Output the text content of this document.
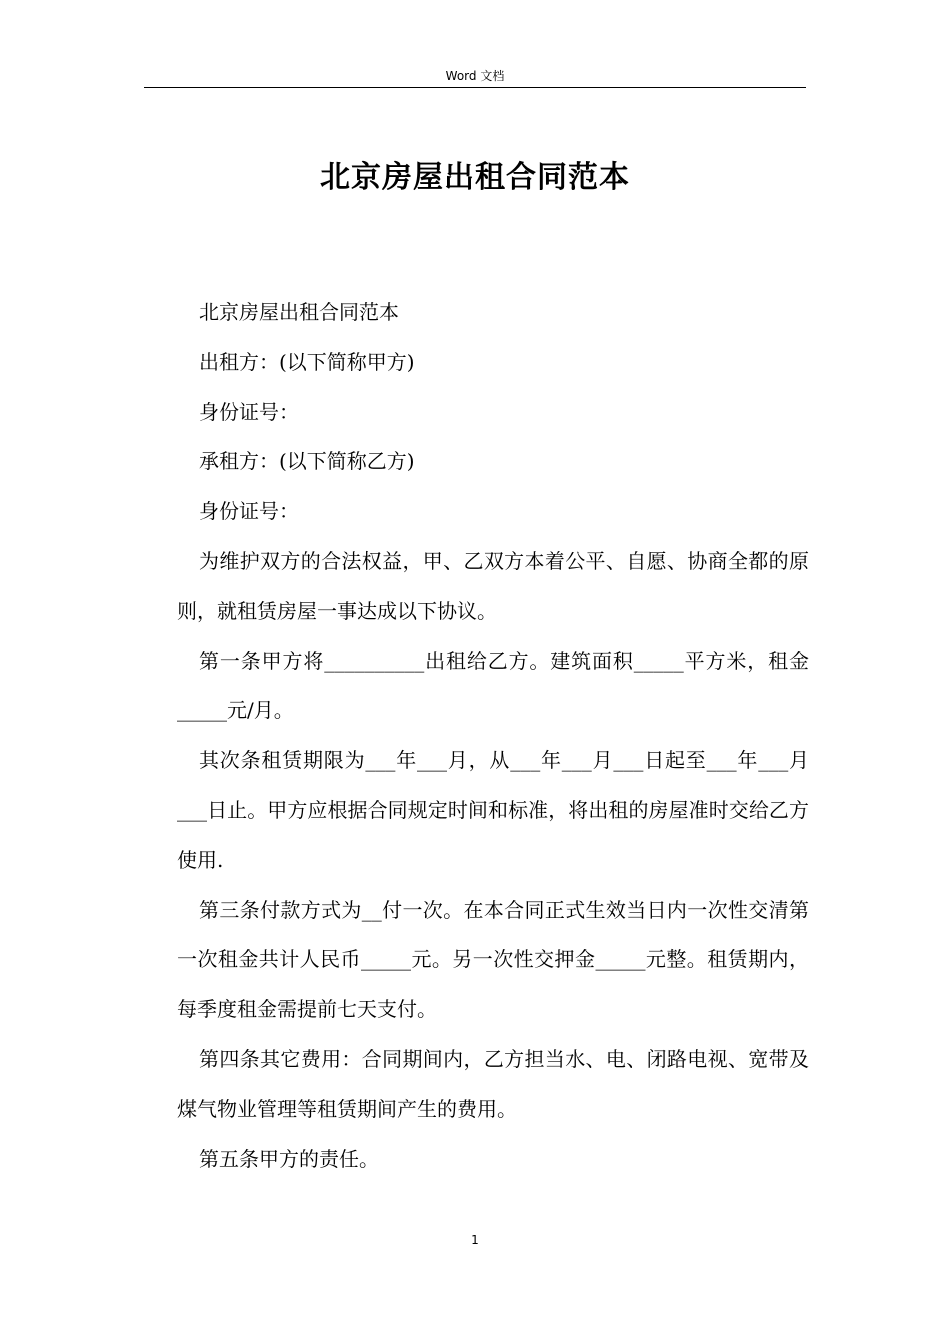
Word 文档
北京房屋出租合同范本

北京房屋出租合同范本

出租方：(以下简称甲方)

身份证号：

承租方：(以下简称乙方)

身份证号：

为维护双方的合法权益，甲、乙双方本着公平、自愿、协商全都的原则，就租赁房屋一事达成以下协议。

第一条甲方将__________出租给乙方。建筑面积_____平方米，租金_____元/月。

其次条租赁期限为___年___月，从___年___月___日起至___年___月___日止。甲方应根据合同规定时间和标准，将出租的房屋准时交给乙方使用.

第三条付款方式为__付一次。在本合同正式生效当日内一次性交清第一次租金共计人民币_____元。另一次性交押金_____元整。租赁期内，每季度租金需提前七天支付。

第四条其它费用：合同期间内，乙方担当水、电、闭路电视、宽带及煤气物业管理等租赁期间产生的费用。

第五条甲方的责任。

1
